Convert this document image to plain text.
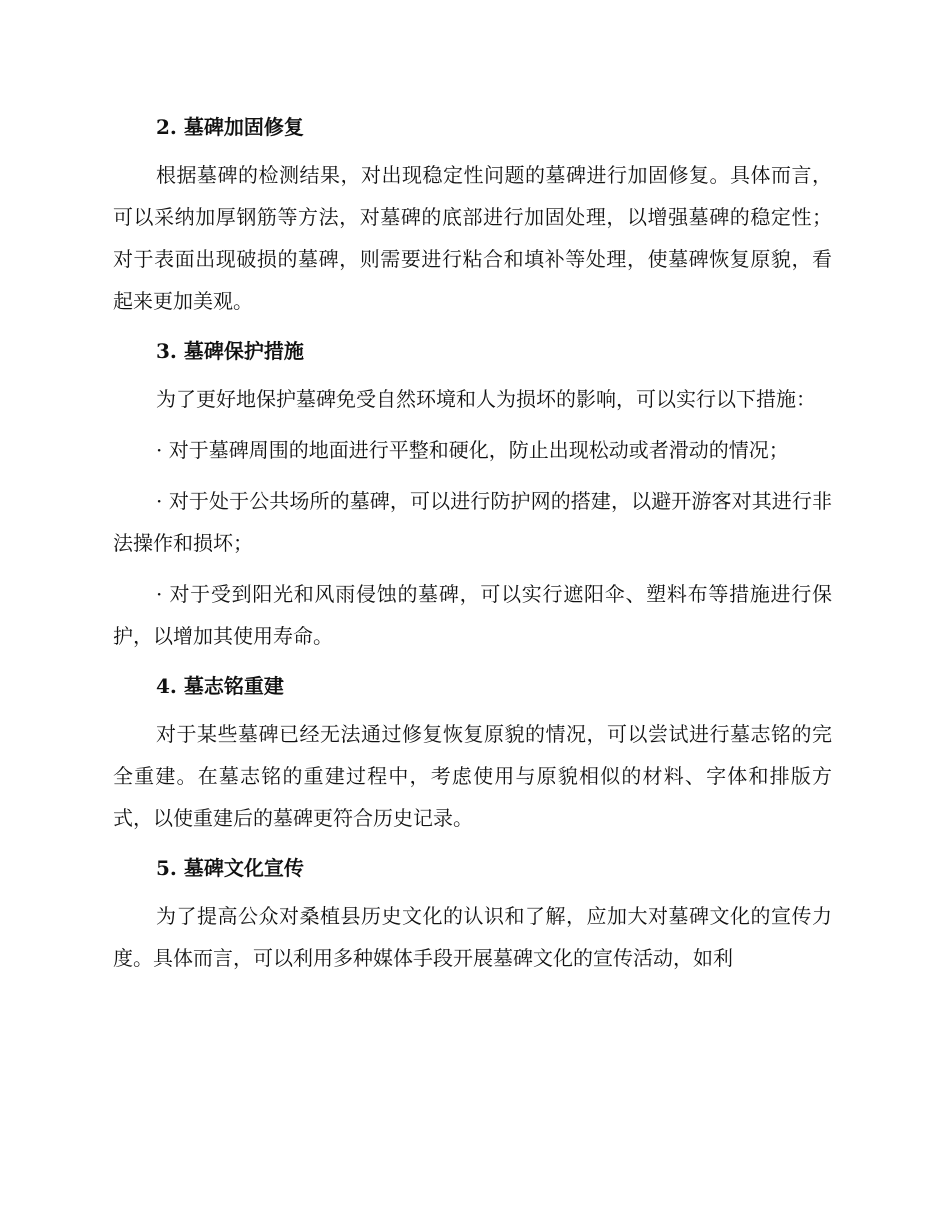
2. 墓碑加固修复

根据墓碑的检测结果，对出现稳定性问题的墓碑进行加固修复。具体而言，可以采纳加厚钢筋等方法，对墓碑的底部进行加固处理，以增强墓碑的稳定性；对于表面出现破损的墓碑，则需要进行粘合和填补等处理，使墓碑恢复原貌，看起来更加美观。

3. 墓碑保护措施

为了更好地保护墓碑免受自然环境和人为损坏的影响，可以实行以下措施：

· 对于墓碑周围的地面进行平整和硬化，防止出现松动或者滑动的情况；

· 对于处于公共场所的墓碑，可以进行防护网的搭建，以避开游客对其进行非法操作和损坏；

· 对于受到阳光和风雨侵蚀的墓碑，可以实行遮阳伞、塑料布等措施进行保护，以增加其使用寿命。

4. 墓志铭重建

对于某些墓碑已经无法通过修复恢复原貌的情况，可以尝试进行墓志铭的完全重建。在墓志铭的重建过程中，考虑使用与原貌相似的材料、字体和排版方式，以使重建后的墓碑更符合历史记录。

5. 墓碑文化宣传

为了提高公众对桑植县历史文化的认识和了解，应加大对墓碑文化的宣传力度。具体而言，可以利用多种媒体手段开展墓碑文化的宣传活动，如利
